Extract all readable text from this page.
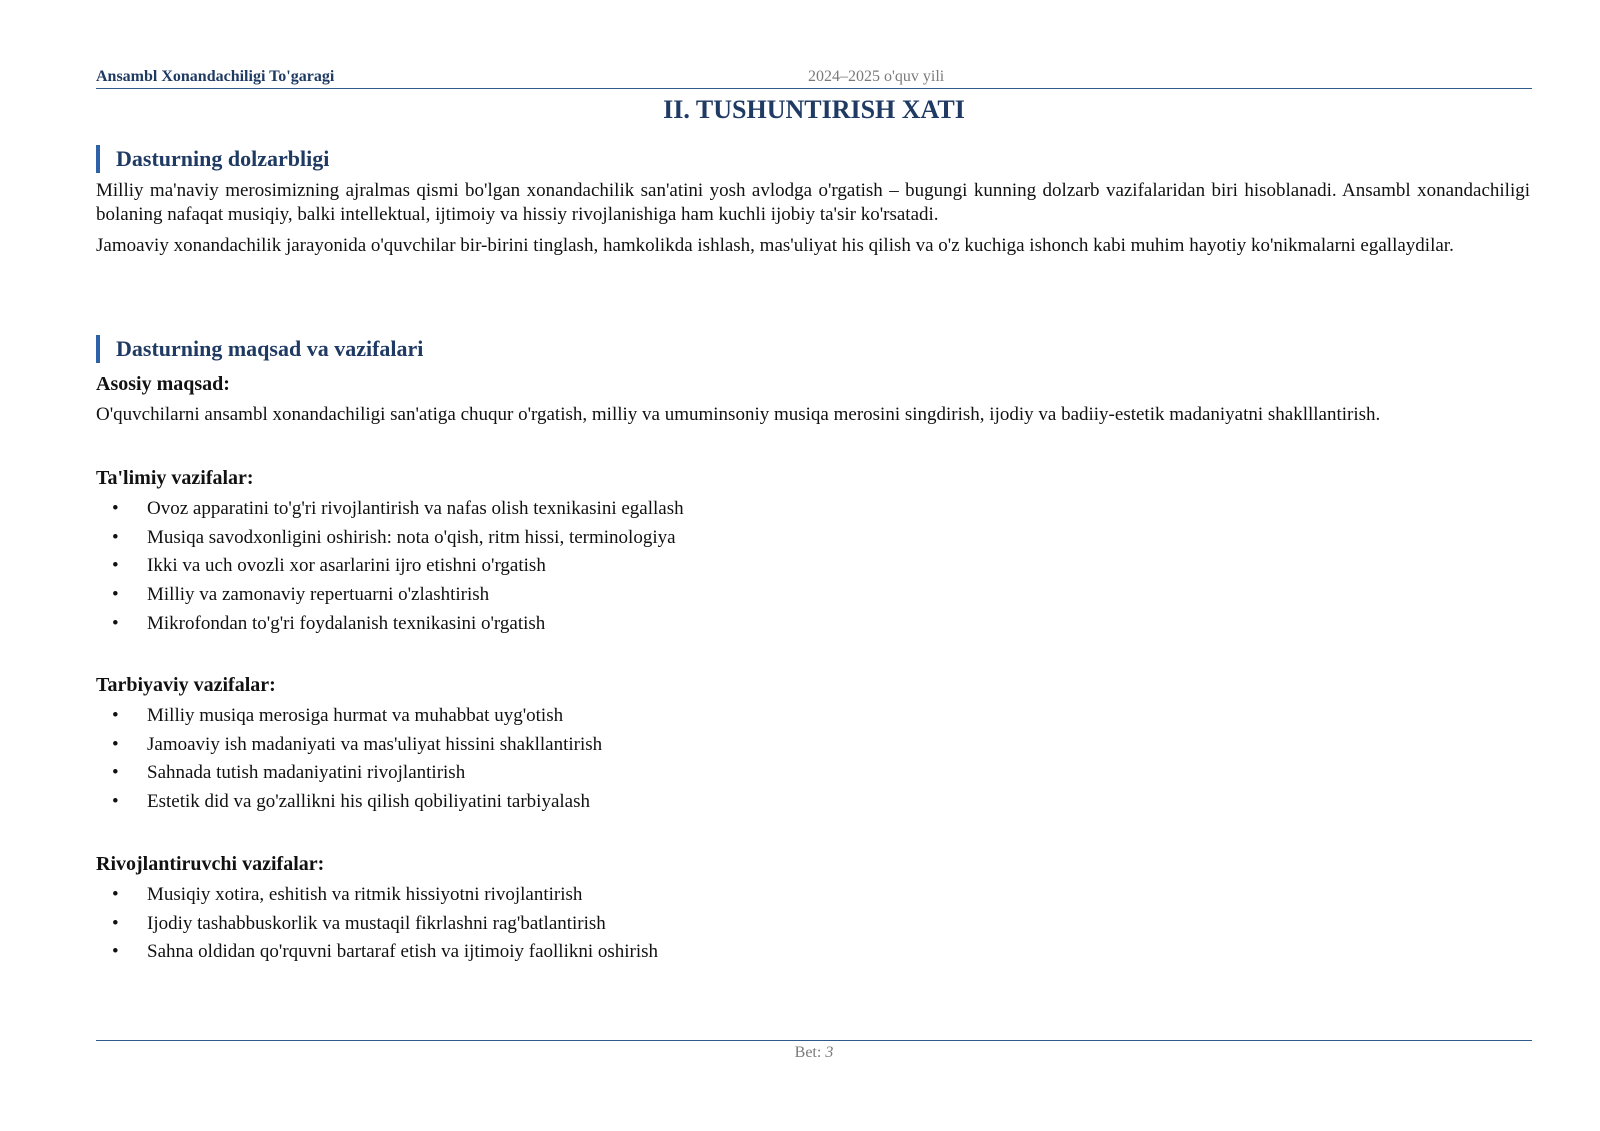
Ansambl Xonandachiligi To'garagi	2024–2025 o'quv yili
II. TUSHUNTIRISH XATI
Dasturning dolzarbligi

Milliy ma'naviy merosimizning ajralmas qismi bo'lgan xonandachilik san'atini yosh avlodga o'rgatish – bugungi kunning dolzarb vazifalaridan biri hisoblanadi. Ansambl xonandachiligi bolaning nafaqat musiqiy, balki intellektual, ijtimoiy va hissiy rivojlanishiga ham kuchli ijobiy ta'sir ko'rsatadi.

Jamoaviy xonandachilik jarayonida o'quvchilar bir-birini tinglash, hamkolikda ishlash, mas'uliyat his qilish va o'z kuchiga ishonch kabi muhim hayotiy ko'nikmalarni egallaydilar.

Dasturning maqsad va vazifalari
Asosiy maqsad:

O'quvchilarni ansambl xonandachiligi san'atiga chuqur o'rgatish, milliy va umuminsoniy musiqa merosini singdirish, ijodiy va badiiy-estetik madaniyatni shaklllantirish.

Ta'limiy vazifalar:
• Ovoz apparatini to'g'ri rivojlantirish va nafas olish texnikasini egallash
• Musiqa savodxonligini oshirish: nota o'qish, ritm hissi, terminologiya
• Ikki va uch ovozli xor asarlarini ijro etishni o'rgatish
• Milliy va zamonaviy repertuarni o'zlashtirish
• Mikrofondan to'g'ri foydalanish texnikasini o'rgatish
Tarbiyaviy vazifalar:
• Milliy musiqa merosiga hurmat va muhabbat uyg'otish
• Jamoaviy ish madaniyati va mas'uliyat hissini shakllantirish
• Sahnada tutish madaniyatini rivojlantirish
• Estetik did va go'zallikni his qilish qobiliyatini tarbiyalash
Rivojlantiruvchi vazifalar:
• Musiqiy xotira, eshitish va ritmik hissiyotni rivojlantirish
• Ijodiy tashabbuskorlik va mustaqil fikrlashni rag'batlantirish
• Sahna oldidan qo'rquvni bartaraf etish va ijtimoiy faollikni oshirish
Bet: 3
